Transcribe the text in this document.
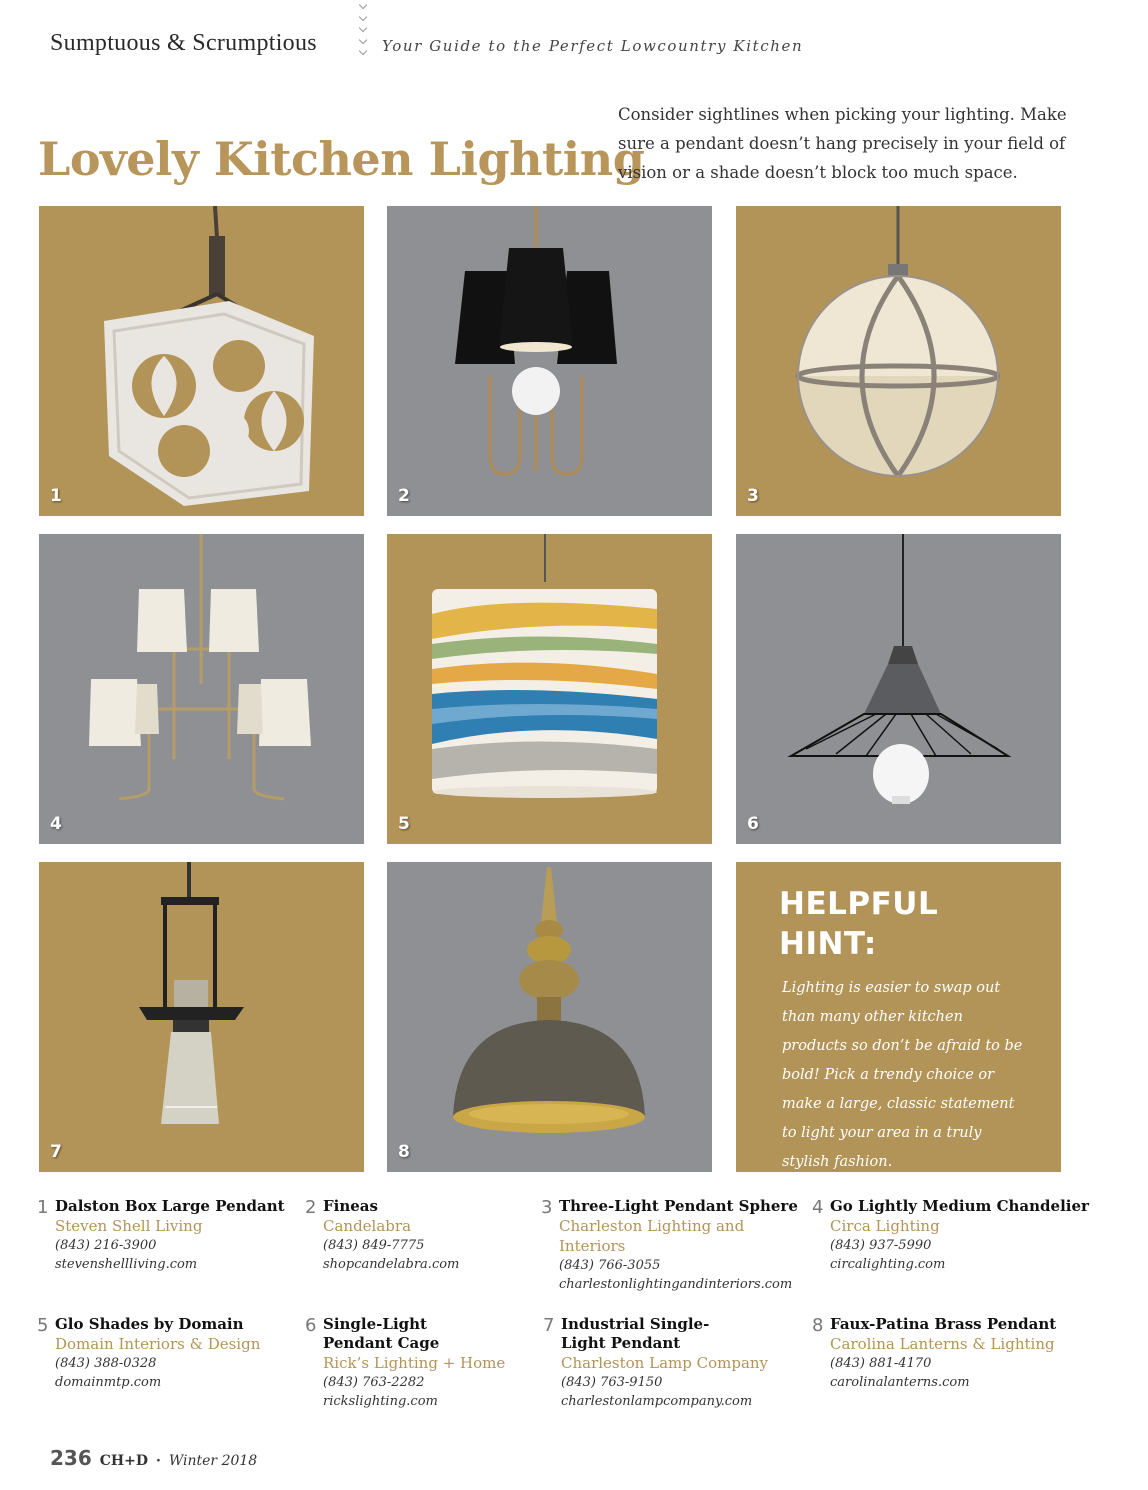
Sumptuous & Scrumptious	Your Guide to the Perfect Lowcountry Kitchen
Lovely Kitchen Lighting
Consider sightlines when picking your lighting. Make sure a pendant doesn’t hang precisely in your field of vision or a shade doesn’t block too much space.
1	2	3
4	5	6
7	8
HELPFUL
HINT:
Lighting is easier to swap out than many other kitchen products so don’t be afraid to be bold! Pick a trendy choice or make a large, classic statement to light your area in a truly stylish fashion.
1 Dalston Box Large Pendant
Steven Shell Living
(843) 216-3900
stevenshellliving.com
2 Fineas
Candelabra
(843) 849-7775
shopcandelabra.com
3 Three-Light Pendant Sphere
Charleston Lighting and Interiors
(843) 766-3055
charlestonlightingandinteriors.com
4 Go Lightly Medium Chandelier
Circa Lighting
(843) 937-5990
circalighting.com
5 Glo Shades by Domain
Domain Interiors & Design
(843) 388-0328
domainmtp.com
6 Single-Light
Pendant Cage
Rick’s Lighting + Home
(843) 763-2282
rickslighting.com
7 Industrial Single-
Light Pendant
Charleston Lamp Company
(843) 763-9150
charlestonlampcompany.com
8 Faux-Patina Brass Pendant
Carolina Lanterns & Lighting
(843) 881-4170
carolinalanterns.com
236 CH+D · Winter 2018
